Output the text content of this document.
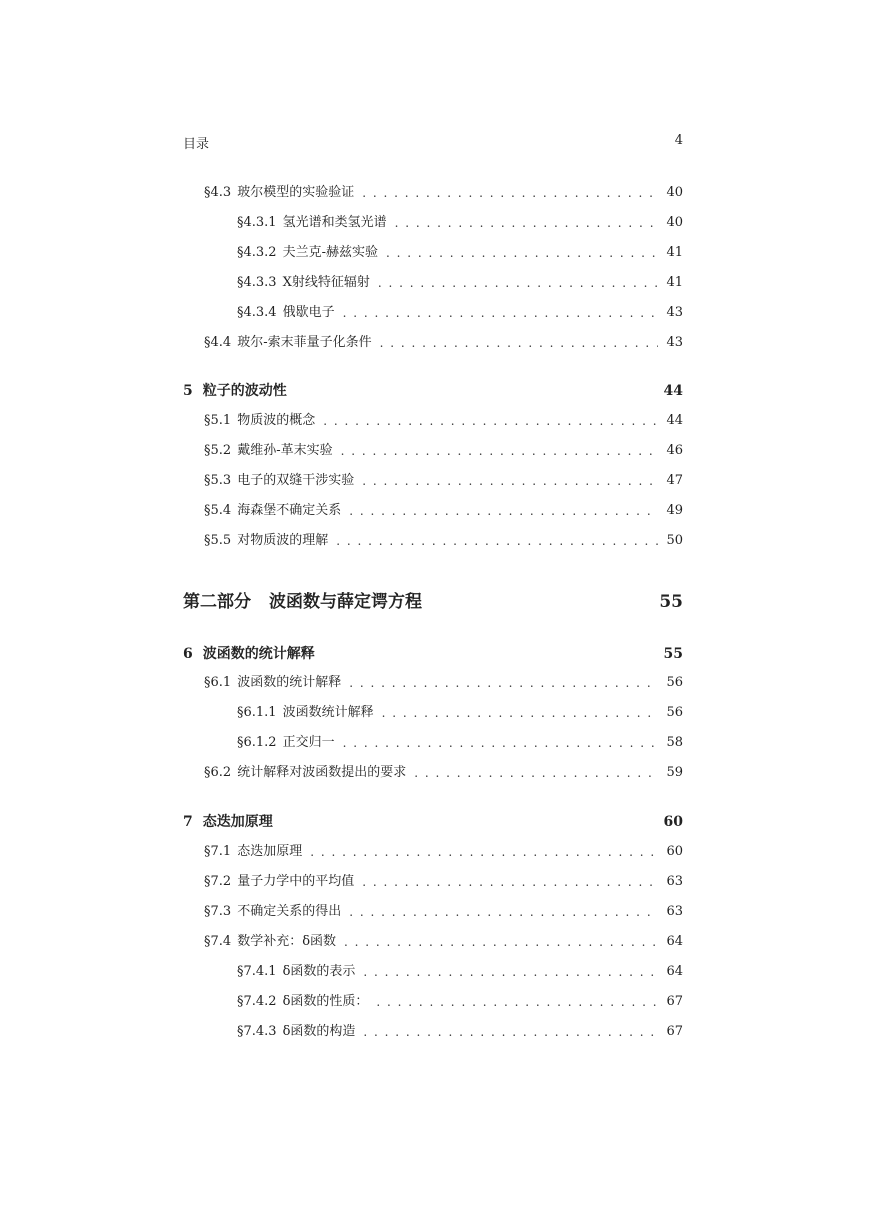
目录	4
§4.3 玻尔模型的实验验证 . . .	40
§4.3.1 氢光谱和类氢光谱 . . .	40
§4.3.2 夫兰克-赫兹实验 . . .	41
§4.3.3 X射线特征辐射 . . .	41
§4.3.4 俄歇电子 . . .	43
§4.4 玻尔-索末菲量子化条件 . . .	43
5 粒子的波动性	44
§5.1 物质波的概念 . . .	44
§5.2 戴维孙-革末实验 . . .	46
§5.3 电子的双缝干涉实验 . . .	47
§5.4 海森堡不确定关系 . . .	49
§5.5 对物质波的理解 . . .	50
第二部分 波函数与薛定谔方程	55
6 波函数的统计解释	55
§6.1 波函数的统计解释 . . .	56
§6.1.1 波函数统计解释 . . .	56
§6.1.2 正交归一 . . .	58
§6.2 统计解释对波函数提出的要求 . . .	59
7 态迭加原理	60
§7.1 态迭加原理 . . .	60
§7.2 量子力学中的平均值 . . .	63
§7.3 不确定关系的得出 . . .	63
§7.4 数学补充：δ函数 . . .	64
§7.4.1 δ函数的表示 . . .	64
§7.4.2 δ函数的性质： . . .	67
§7.4.3 δ函数的构造 . . .	67
